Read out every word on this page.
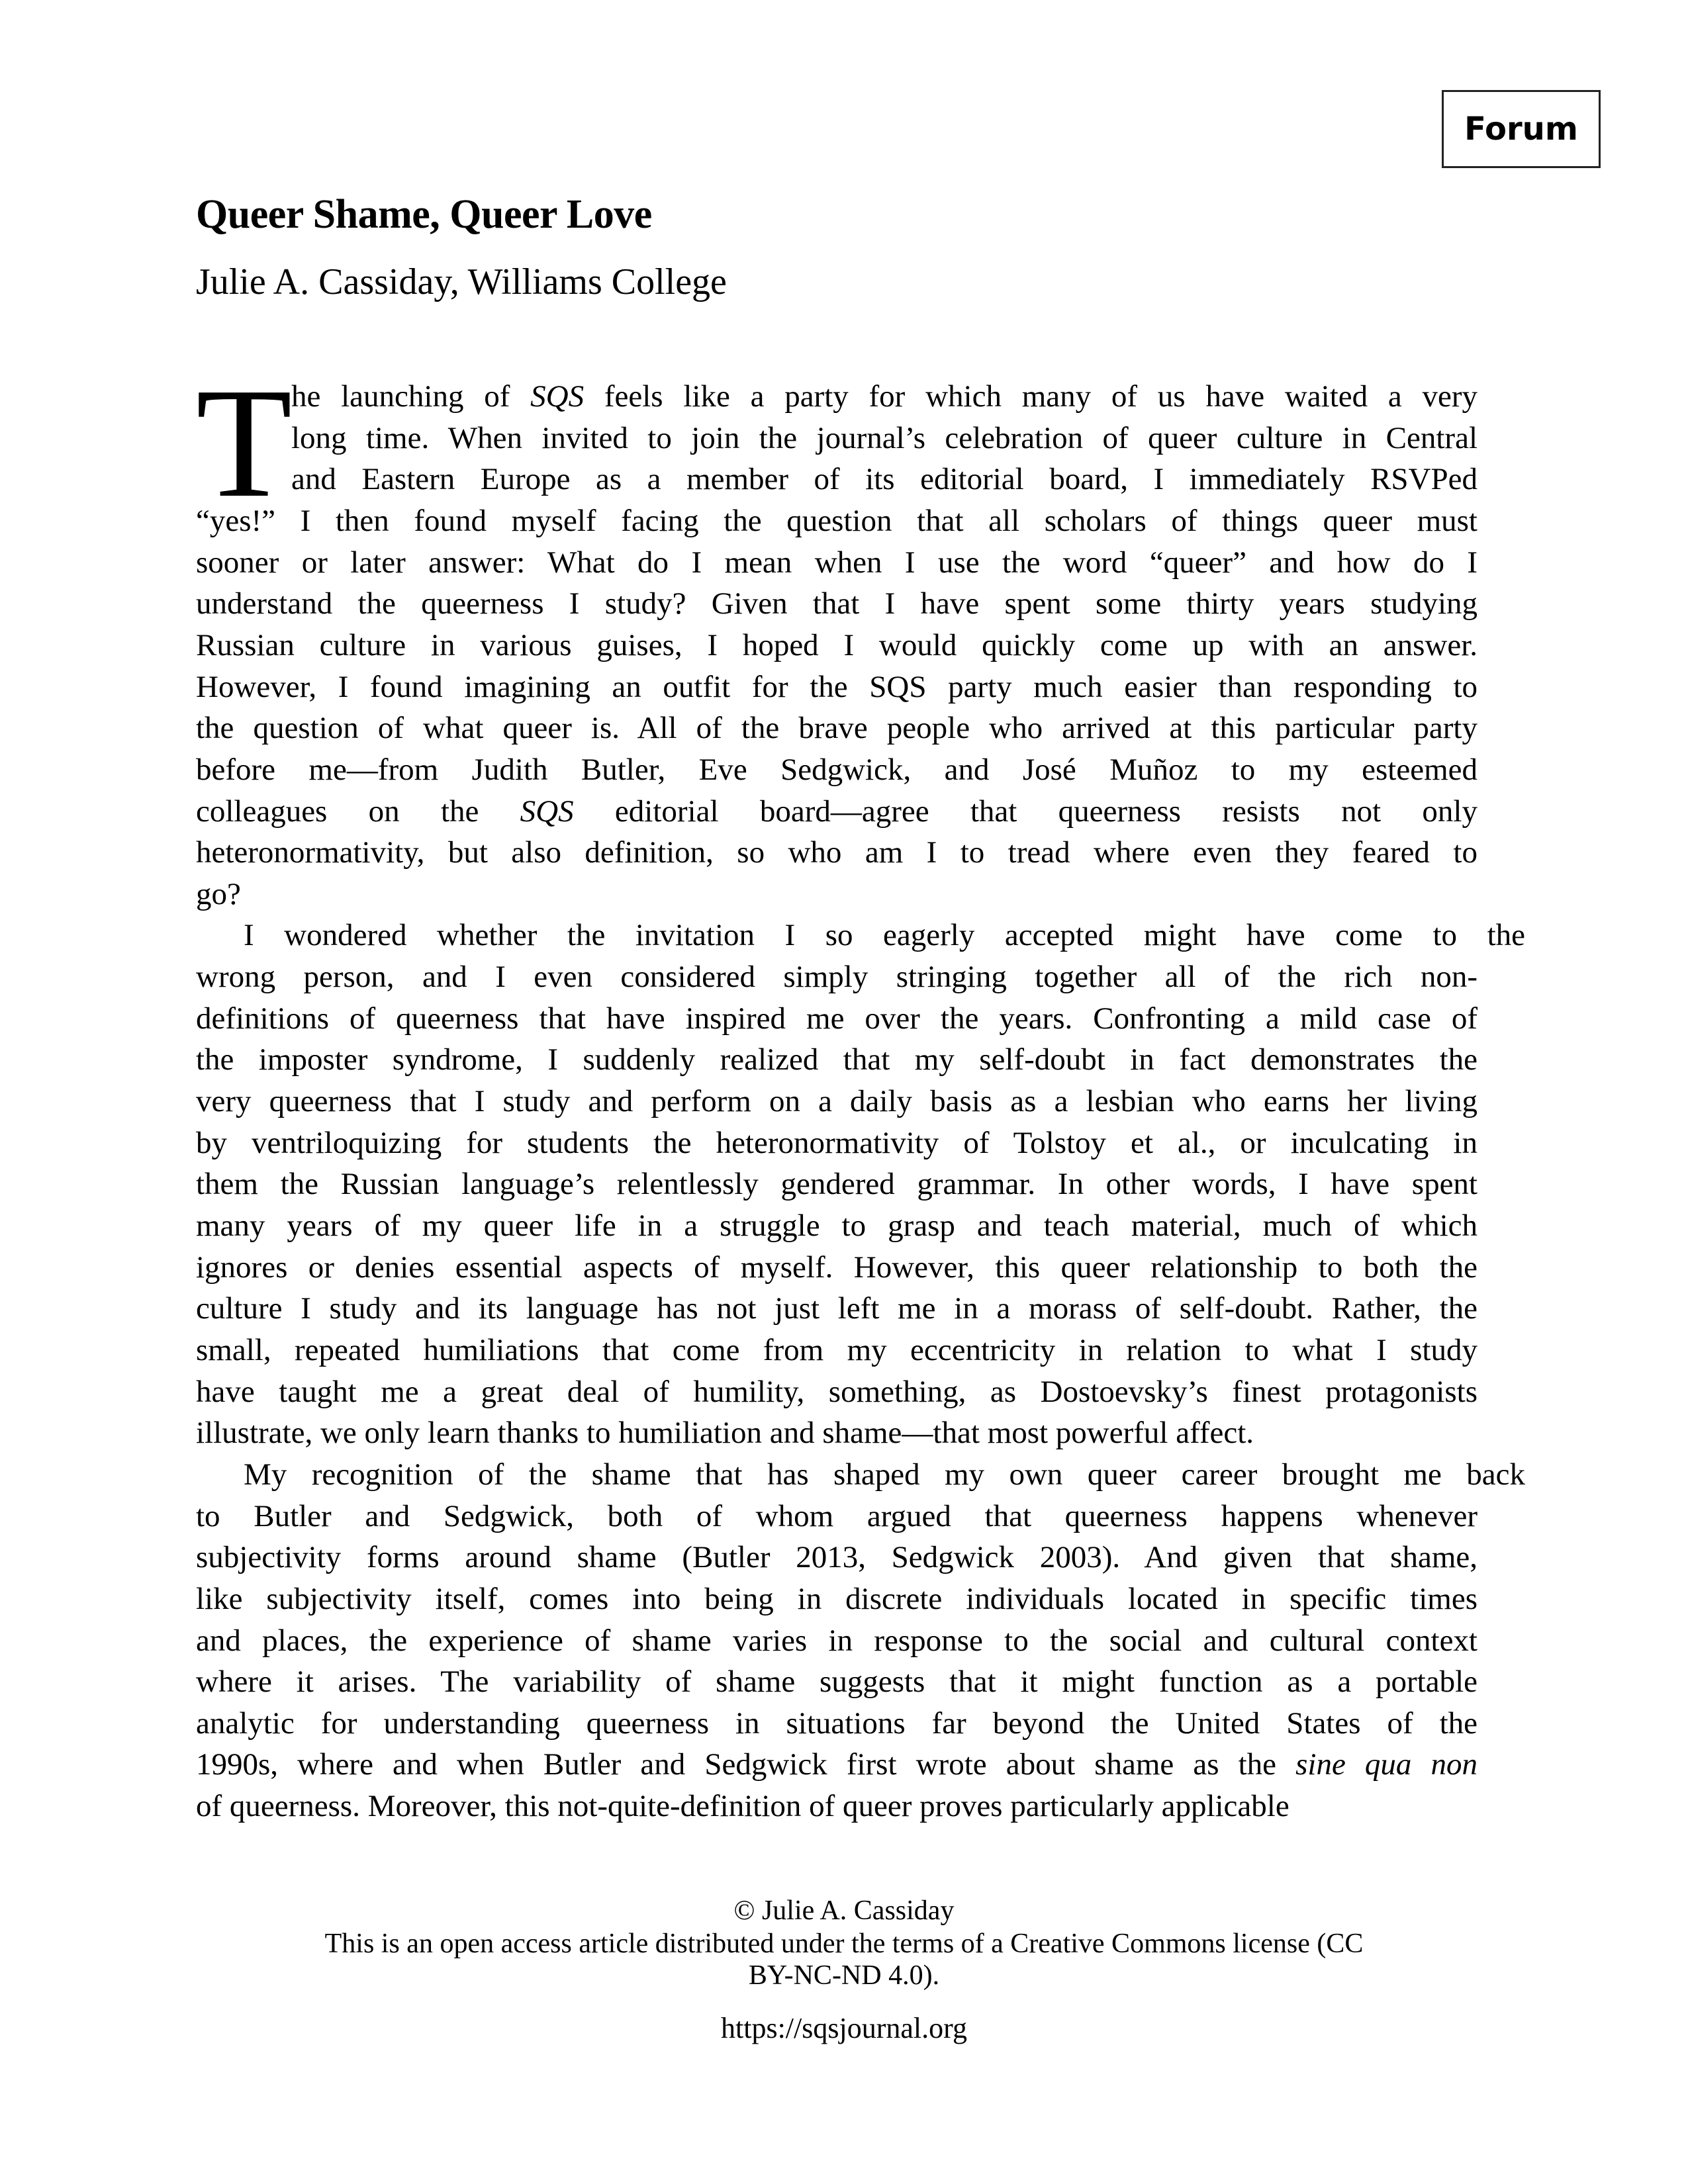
Forum
Queer Shame, Queer Love
Julie A. Cassiday, Williams College
T
he launching of SQS feels like a party for which many of us have waited a very
long time. When invited to join the journal’s celebration of queer culture in Central
and Eastern Europe as a member of its editorial board, I immediately RSVPed
“yes!” I then found myself facing the question that all scholars of things queer must
sooner or later answer: What do I mean when I use the word “queer” and how do I
understand the queerness I study? Given that I have spent some thirty years studying
Russian culture in various guises, I hoped I would quickly come up with an answer.
However, I found imagining an outfit for the SQS party much easier than responding to
the question of what queer is. All of the brave people who arrived at this particular party
before me—from Judith Butler, Eve Sedgwick, and José Muñoz to my esteemed
colleagues on the SQS editorial board—agree that queerness resists not only
heteronormativity, but also definition, so who am I to tread where even they feared to
go?
I wondered whether the invitation I so eagerly accepted might have come to the
wrong person, and I even considered simply stringing together all of the rich non-
definitions of queerness that have inspired me over the years. Confronting a mild case of
the imposter syndrome, I suddenly realized that my self-doubt in fact demonstrates the
very queerness that I study and perform on a daily basis as a lesbian who earns her living
by ventriloquizing for students the heteronormativity of Tolstoy et al., or inculcating in
them the Russian language’s relentlessly gendered grammar. In other words, I have spent
many years of my queer life in a struggle to grasp and teach material, much of which
ignores or denies essential aspects of myself. However, this queer relationship to both the
culture I study and its language has not just left me in a morass of self-doubt. Rather, the
small, repeated humiliations that come from my eccentricity in relation to what I study
have taught me a great deal of humility, something, as Dostoevsky’s finest protagonists
illustrate, we only learn thanks to humiliation and shame—that most powerful affect.
My recognition of the shame that has shaped my own queer career brought me back
to Butler and Sedgwick, both of whom argued that queerness happens whenever
subjectivity forms around shame (Butler 2013, Sedgwick 2003). And given that shame,
like subjectivity itself, comes into being in discrete individuals located in specific times
and places, the experience of shame varies in response to the social and cultural context
where it arises. The variability of shame suggests that it might function as a portable
analytic for understanding queerness in situations far beyond the United States of the
1990s, where and when Butler and Sedgwick first wrote about shame as the sine qua non
of queerness. Moreover, this not-quite-definition of queer proves particularly applicable
© Julie A. Cassiday
This is an open access article distributed under the terms of a Creative Commons license (CC
BY-NC-ND 4.0).
https://sqsjournal.org
